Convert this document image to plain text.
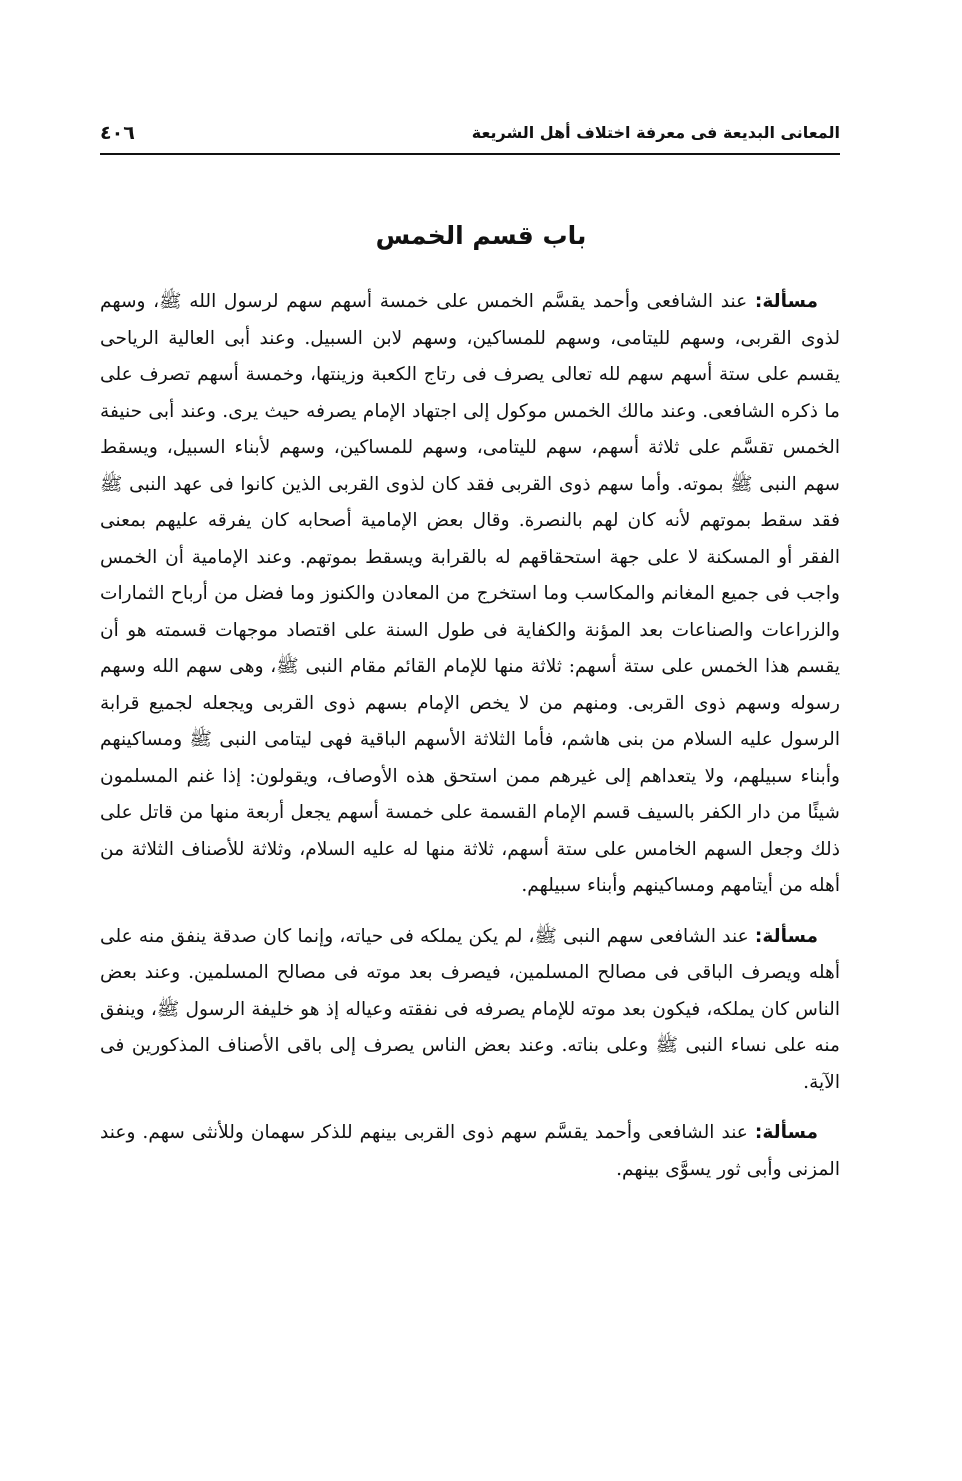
المعانى البديعة فى معرفة اختلاف أهل الشريعة
٤٠٦
باب قسم الخمس

مسألة: عند الشافعى وأحمد يقسَّم الخمس على خمسة أسهم سهم لرسول الله ﷺ، وسهم لذوى القربى، وسهم لليتامى، وسهم للمساكين، وسهم لابن السبيل. وعند أبى العالية الرياحى يقسم على ستة أسهم سهم لله تعالى يصرف فى رتاج الكعبة وزينتها، وخمسة أسهم تصرف على ما ذكره الشافعى. وعند مالك الخمس موكول إلى اجتهاد الإمام يصرفه حيث يرى. وعند أبى حنيفة الخمس تقسَّم على ثلاثة أسهم، سهم لليتامى، وسهم للمساكين، وسهم لأبناء السبيل، ويسقط سهم النبى ﷺ بموته. وأما سهم ذوى القربى فقد كان لذوى القربى الذين كانوا فى عهد النبى ﷺ فقد سقط بموتهم لأنه كان لهم بالنصرة. وقال بعض الإمامية أصحابه كان يفرقه عليهم بمعنى الفقر أو المسكنة لا على جهة استحقاقهم له بالقرابة ويسقط بموتهم. وعند الإمامية أن الخمس واجب فى جميع المغانم والمكاسب وما استخرج من المعادن والكنوز وما فضل من أرباح الثمارات والزراعات والصناعات بعد المؤنة والكفاية فى طول السنة على اقتصاد موجهات قسمته هو أن يقسم هذا الخمس على ستة أسهم: ثلاثة منها للإمام القائم مقام النبى ﷺ، وهى سهم الله وسهم رسوله وسهم ذوى القربى. ومنهم من لا يخص الإمام بسهم ذوى القربى ويجعله لجميع قرابة الرسول عليه السلام من بنى هاشم، فأما الثلاثة الأسهم الباقية فهى ليتامى النبى ﷺ ومساكينهم وأبناء سبيلهم، ولا يتعداهم إلى غيرهم ممن استحق هذه الأوصاف، ويقولون: إذا غنم المسلمون شيئًا من دار الكفر بالسيف قسم الإمام القسمة على خمسة أسهم يجعل أربعة منها من قاتل على ذلك وجعل السهم الخامس على ستة أسهم، ثلاثة منها له عليه السلام، وثلاثة للأصناف الثلاثة من أهله من أيتامهم ومساكينهم وأبناء سبيلهم.

مسألة: عند الشافعى سهم النبى ﷺ، لم يكن يملكه فى حياته، وإنما كان صدقة ينفق منه على أهله ويصرف الباقى فى مصالح المسلمين، فيصرف بعد موته فى مصالح المسلمين. وعند بعض الناس كان يملكه، فيكون بعد موته للإمام يصرفه فى نفقته وعياله إذ هو خليفة الرسول ﷺ، وينفق منه على نساء النبى ﷺ وعلى بناته. وعند بعض الناس يصرف إلى باقى الأصناف المذكورين فى الآية.

مسألة: عند الشافعى وأحمد يقسَّم سهم ذوى القربى بينهم للذكر سهمان وللأنثى سهم. وعند المزنى وأبى ثور يسوَّى بينهم.
